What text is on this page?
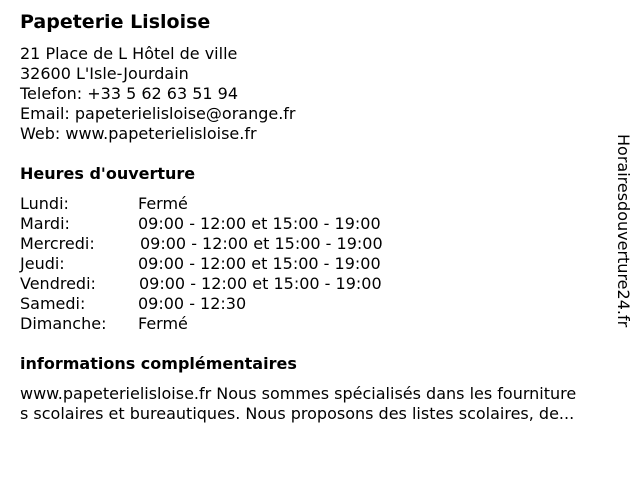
Papeterie Lisloise
21 Place de L Hôtel de ville
32600 L'Isle-Jourdain
Telefon: +33 5 62 63 51 94
Email: papeterielisloise@orange.fr
Web: www.papeterielisloise.fr
Heures d'ouverture
Lundi:	Fermé
Mardi:	09:00 - 12:00 et 15:00 - 19:00
Mercredi:	09:00 - 12:00 et 15:00 - 19:00
Jeudi:	09:00 - 12:00 et 15:00 - 19:00
Vendredi:	09:00 - 12:00 et 15:00 - 19:00
Samedi:	09:00 - 12:30
Dimanche: Fermé
informations complémentaires
www.papeterielisloise.fr Nous sommes spécialisés dans les fourniture
s scolaires et bureautiques. Nous proposons des listes scolaires, de...
Horairesdouverture24.fr
